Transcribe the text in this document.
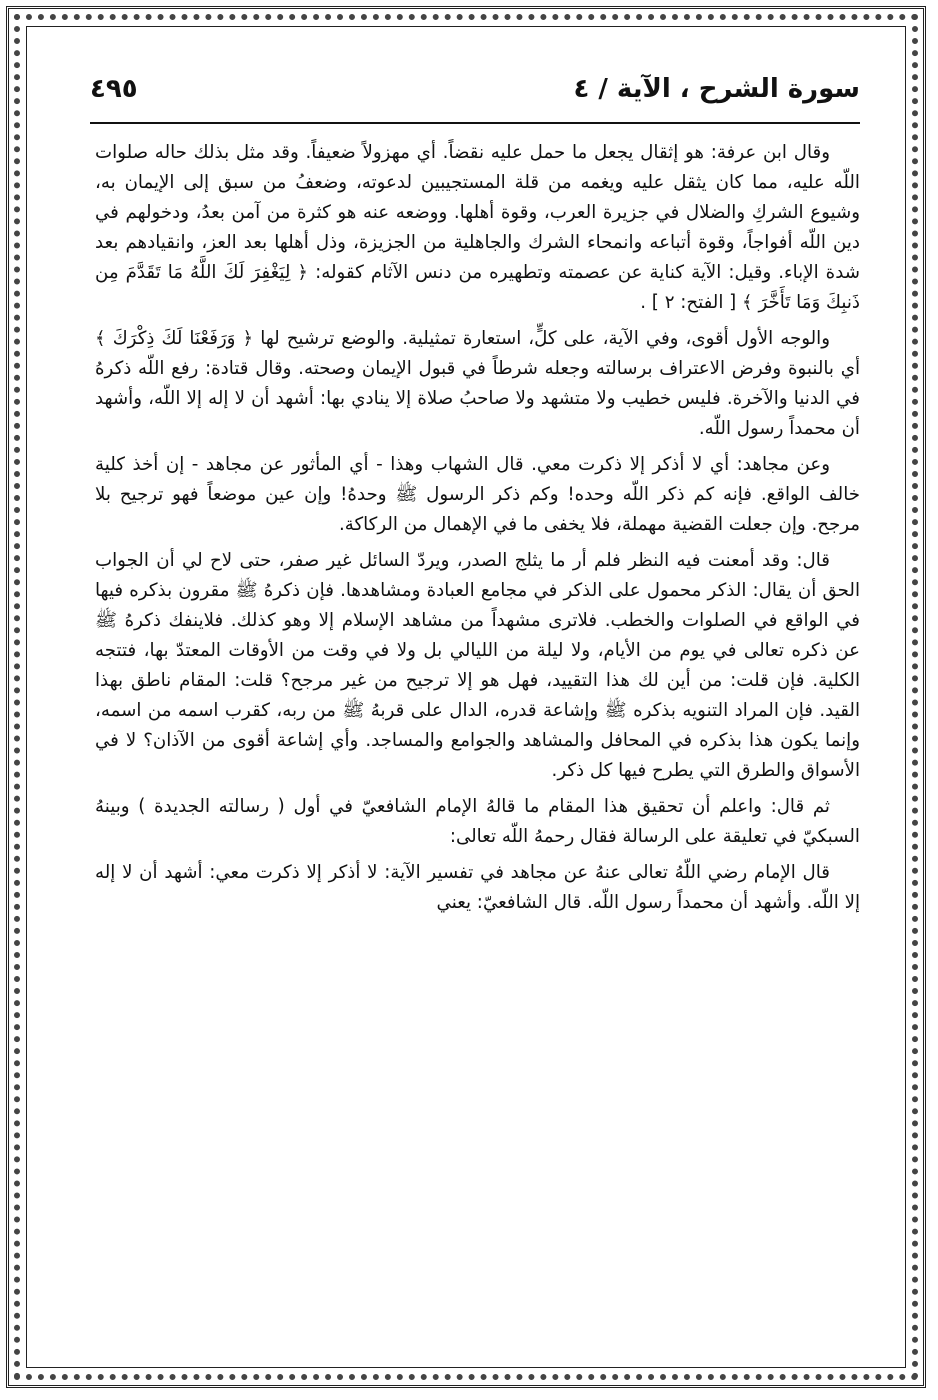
٤٩٥	سورة الشرح ، الآية / ٤

وقال ابن عرفة: هو إثقال يجعل ما حمل عليه نقضاً. أي مهزولاً ضعيفاً. وقد مثل بذلك حاله صلوات اللّه عليه، مما كان يثقل عليه ويغمه من قلة المستجيبين لدعوته، وضعفُ من سبق إلى الإيمان به، وشيوع الشركِ والضلال في جزيرة العرب، وقوة أهلها. ووضعه عنه هو كثرة من آمن بعدُ، ودخولهم في دين اللّه أفواجاً، وقوة أتباعه وانمحاء الشرك والجاهلية من الجزيزة، وذل أهلها بعد العز، وانقيادهم بعد شدة الإباء. وقيل: الآية كناية عن عصمته وتطهيره من دنس الآثام كقوله: ﴿ لِيَغْفِرَ لَكَ اللَّهُ مَا تَقَدَّمَ مِن ذَنبِكَ وَمَا تَأَخَّرَ ﴾ [ الفتح: ٢ ] .

والوجه الأول أقوى، وفي الآية، على كلٍّ، استعارة تمثيلية. والوضع ترشيح لها ﴿ وَرَفَعْنَا لَكَ ذِكْرَكَ ﴾ أي بالنبوة وفرض الاعتراف برسالته وجعله شرطاً في قبول الإيمان وصحته. وقال قتادة: رفع اللّه ذكرهُ في الدنيا والآخرة. فليس خطيب ولا متشهد ولا صاحبُ صلاة إلا ينادي بها: أشهد أن لا إله إلا اللّه، وأشهد أن محمداً رسول اللّه.

وعن مجاهد: أي لا أذكر إلا ذكرت معي. قال الشهاب وهذا - أي المأثور عن مجاهد - إن أخذ كلية خالف الواقع. فإنه كم ذكر اللّه وحده! وكم ذكر الرسول ﷺ وحدهُ! وإن عين موضعاً فهو ترجيح بلا مرجح. وإن جعلت القضية مهملة، فلا يخفى ما في الإهمال من الركاكة.

قال: وقد أمعنت فيه النظر فلم أر ما يثلج الصدر، ويردّ السائل غير صفر، حتى لاح لي أن الجواب الحق أن يقال: الذكر محمول على الذكر في مجامع العبادة ومشاهدها. فإن ذكرهُ ﷺ مقرون بذكره فيها في الواقع في الصلوات والخطب. فلاترى مشهداً من مشاهد الإسلام إلا وهو كذلك. فلاينفك ذكرهُ ﷺ عن ذكره تعالى في يوم من الأيام، ولا ليلة من الليالي بل ولا في وقت من الأوقات المعتدّ بها، فتتجه الكلية. فإن قلت: من أين لك هذا التقييد، فهل هو إلا ترجيح من غير مرجح؟ قلت: المقام ناطق بهذا القيد. فإن المراد التنويه بذكره ﷺ وإشاعة قدره، الدال على قربهُ ﷺ من ربه، كقرب اسمه من اسمه، وإنما يكون هذا بذكره في المحافل والمشاهد والجوامع والمساجد. وأي إشاعة أقوى من الآذان؟ لا في الأسواق والطرق التي يطرح فيها كل ذكر.

ثم قال: واعلم أن تحقيق هذا المقام ما قالهُ الإمام الشافعيّ في أول ( رسالته الجديدة ) وبينهُ السبكيّ في تعليقة على الرسالة فقال رحمهُ اللّه تعالى:

قال الإمام رضي اللّهُ تعالى عنهُ عن مجاهد في تفسير الآية: لا أذكر إلا ذكرت معي: أشهد أن لا إله إلا اللّه. وأشهد أن محمداً رسول اللّه. قال الشافعيّ: يعني
